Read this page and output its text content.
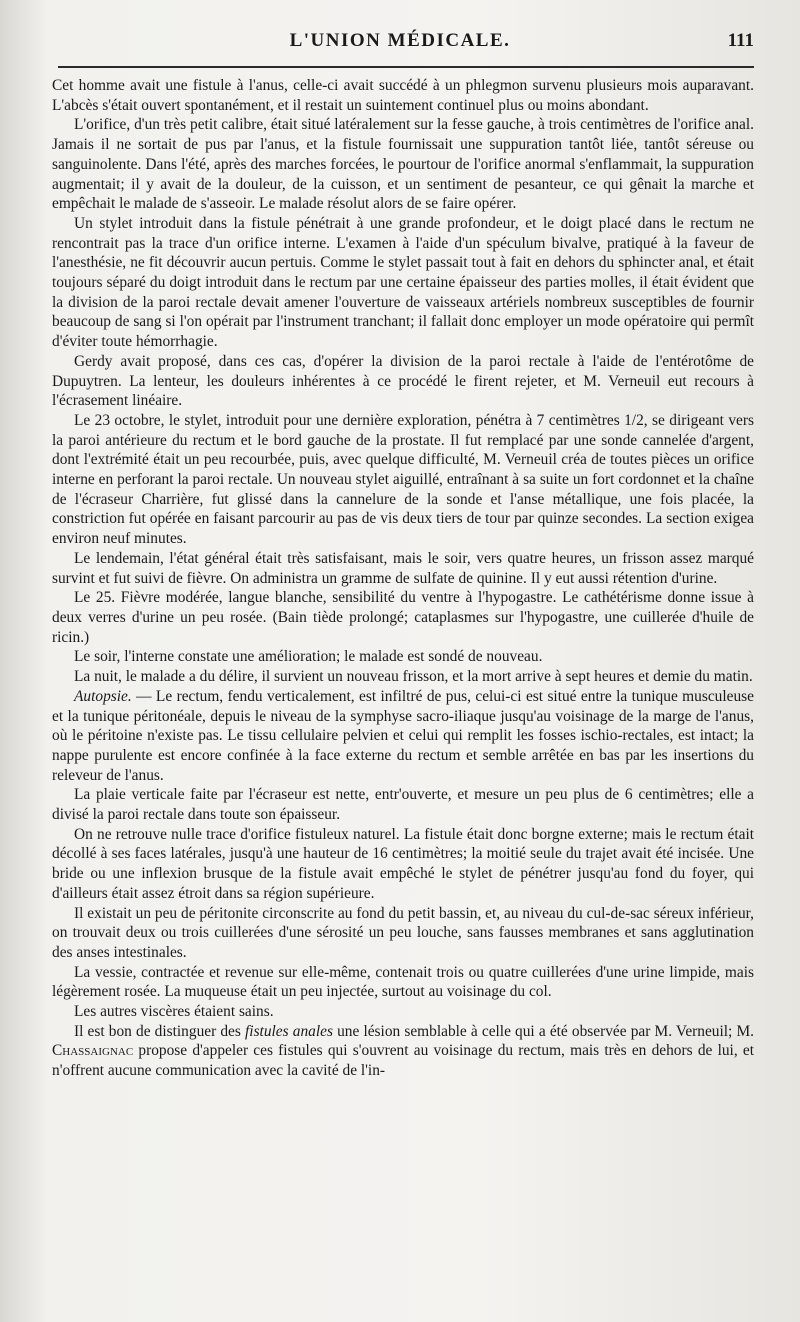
L'UNION MÉDICALE.	111

Cet homme avait une fistule à l'anus, celle-ci avait succédé à un phlegmon survenu plusieurs mois auparavant. L'abcès s'était ouvert spontanément, et il restait un suintement continuel plus ou moins abondant.

L'orifice, d'un très petit calibre, était situé latéralement sur la fesse gauche, à trois centimètres de l'orifice anal. Jamais il ne sortait de pus par l'anus, et la fistule fournissait une suppuration tantôt liée, tantôt séreuse ou sanguinolente. Dans l'été, après des marches forcées, le pourtour de l'orifice anormal s'enflammait, la suppuration augmentait; il y avait de la douleur, de la cuisson, et un sentiment de pesanteur, ce qui gênait la marche et empêchait le malade de s'asseoir. Le malade résolut alors de se faire opérer.

Un stylet introduit dans la fistule pénétrait à une grande profondeur, et le doigt placé dans le rectum ne rencontrait pas la trace d'un orifice interne. L'examen à l'aide d'un spéculum bivalve, pratiqué à la faveur de l'anesthésie, ne fit découvrir aucun pertuis. Comme le stylet passait tout à fait en dehors du sphincter anal, et était toujours séparé du doigt introduit dans le rectum par une certaine épaisseur des parties molles, il était évident que la division de la paroi rectale devait amener l'ouverture de vaisseaux artériels nombreux susceptibles de fournir beaucoup de sang si l'on opérait par l'instrument tranchant; il fallait donc employer un mode opératoire qui permît d'éviter toute hémorrhagie.

Gerdy avait proposé, dans ces cas, d'opérer la division de la paroi rectale à l'aide de l'entérotôme de Dupuytren. La lenteur, les douleurs inhérentes à ce procédé le firent rejeter, et M. Verneuil eut recours à l'écrasement linéaire.

Le 23 octobre, le stylet, introduit pour une dernière exploration, pénétra à 7 centimètres 1/2, se dirigeant vers la paroi antérieure du rectum et le bord gauche de la prostate. Il fut remplacé par une sonde cannelée d'argent, dont l'extrémité était un peu recourbée, puis, avec quelque difficulté, M. Verneuil créa de toutes pièces un orifice interne en perforant la paroi rectale. Un nouveau stylet aiguillé, entraînant à sa suite un fort cordonnet et la chaîne de l'écraseur Charrière, fut glissé dans la cannelure de la sonde et l'anse métallique, une fois placée, la constriction fut opérée en faisant parcourir au pas de vis deux tiers de tour par quinze secondes. La section exigea environ neuf minutes.

Le lendemain, l'état général était très satisfaisant, mais le soir, vers quatre heures, un frisson assez marqué survint et fut suivi de fièvre. On administra un gramme de sulfate de quinine. Il y eut aussi rétention d'urine.

Le 25. Fièvre modérée, langue blanche, sensibilité du ventre à l'hypogastre. Le cathétérisme donne issue à deux verres d'urine un peu rosée. (Bain tiède prolongé; cataplasmes sur l'hypogastre, une cuillerée d'huile de ricin.)

Le soir, l'interne constate une amélioration; le malade est sondé de nouveau.

La nuit, le malade a du délire, il survient un nouveau frisson, et la mort arrive à sept heures et demie du matin.

Autopsie. — Le rectum, fendu verticalement, est infiltré de pus, celui-ci est situé entre la tunique musculeuse et la tunique péritonéale, depuis le niveau de la symphyse sacro-iliaque jusqu'au voisinage de la marge de l'anus, où le péritoine n'existe pas. Le tissu cellulaire pelvien et celui qui remplit les fosses ischio-rectales, est intact; la nappe purulente est encore confinée à la face externe du rectum et semble arrêtée en bas par les insertions du releveur de l'anus.

La plaie verticale faite par l'écraseur est nette, entr'ouverte, et mesure un peu plus de 6 centimètres; elle a divisé la paroi rectale dans toute son épaisseur.

On ne retrouve nulle trace d'orifice fistuleux naturel. La fistule était donc borgne externe; mais le rectum était décollé à ses faces latérales, jusqu'à une hauteur de 16 centimètres; la moitié seule du trajet avait été incisée. Une bride ou une inflexion brusque de la fistule avait empêché le stylet de pénétrer jusqu'au fond du foyer, qui d'ailleurs était assez étroit dans sa région supérieure.

Il existait un peu de péritonite circonscrite au fond du petit bassin, et, au niveau du cul-de-sac séreux inférieur, on trouvait deux ou trois cuillerées d'une sérosité un peu louche, sans fausses membranes et sans agglutination des anses intestinales.

La vessie, contractée et revenue sur elle-même, contenait trois ou quatre cuillerées d'une urine limpide, mais légèrement rosée. La muqueuse était un peu injectée, surtout au voisinage du col.

Les autres viscères étaient sains.

Il est bon de distinguer des fistules anales une lésion semblable à celle qui a été observée par M. Verneuil; M. Chassaignac propose d'appeler ces fistules qui s'ouvrent au voisinage du rectum, mais très en dehors de lui, et n'offrent aucune communication avec la cavité de l'in-
